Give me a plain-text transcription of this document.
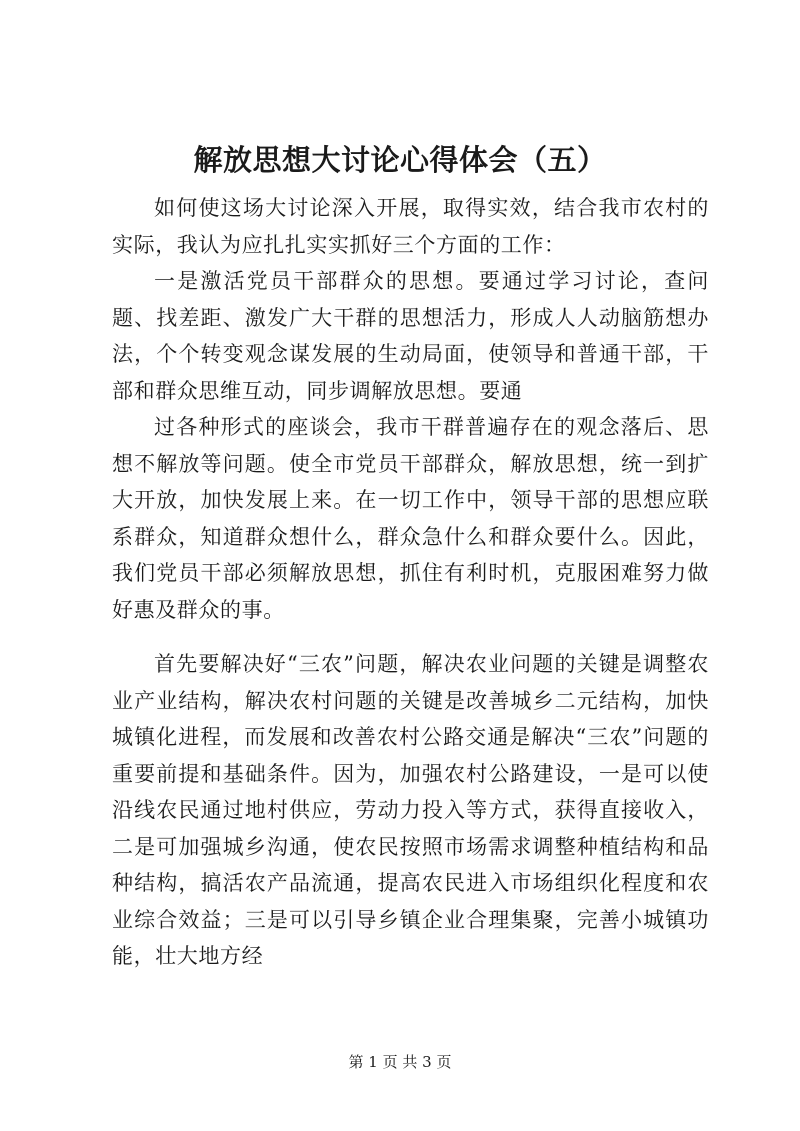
解放思想大讨论心得体会（五）

如何使这场大讨论深入开展，取得实效，结合我市农村的实际，我认为应扎扎实实抓好三个方面的工作：

一是激活党员干部群众的思想。要通过学习讨论，查问题、找差距、激发广大干群的思想活力，形成人人动脑筋想办法，个个转变观念谋发展的生动局面，使领导和普通干部，干部和群众思维互动，同步调解放思想。要通

过各种形式的座谈会，我市干群普遍存在的观念落后、思想不解放等问题。使全市党员干部群众，解放思想，统一到扩大开放，加快发展上来。在一切工作中，领导干部的思想应联系群众，知道群众想什么，群众急什么和群众要什么。因此，我们党员干部必须解放思想，抓住有利时机，克服困难努力做好惠及群众的事。

首先要解决好“三农”问题，解决农业问题的关键是调整农业产业结构，解决农村问题的关键是改善城乡二元结构，加快城镇化进程，而发展和改善农村公路交通是解决“三农”问题的重要前提和基础条件。因为，加强农村公路建设，一是可以使沿线农民通过地村供应，劳动力投入等方式，获得直接收入，二是可加强城乡沟通，使农民按照市场需求调整种植结构和品种结构，搞活农产品流通，提高农民进入市场组织化程度和农业综合效益；三是可以引导乡镇企业合理集聚，完善小城镇功能，壮大地方经

第 1 页 共 3 页
